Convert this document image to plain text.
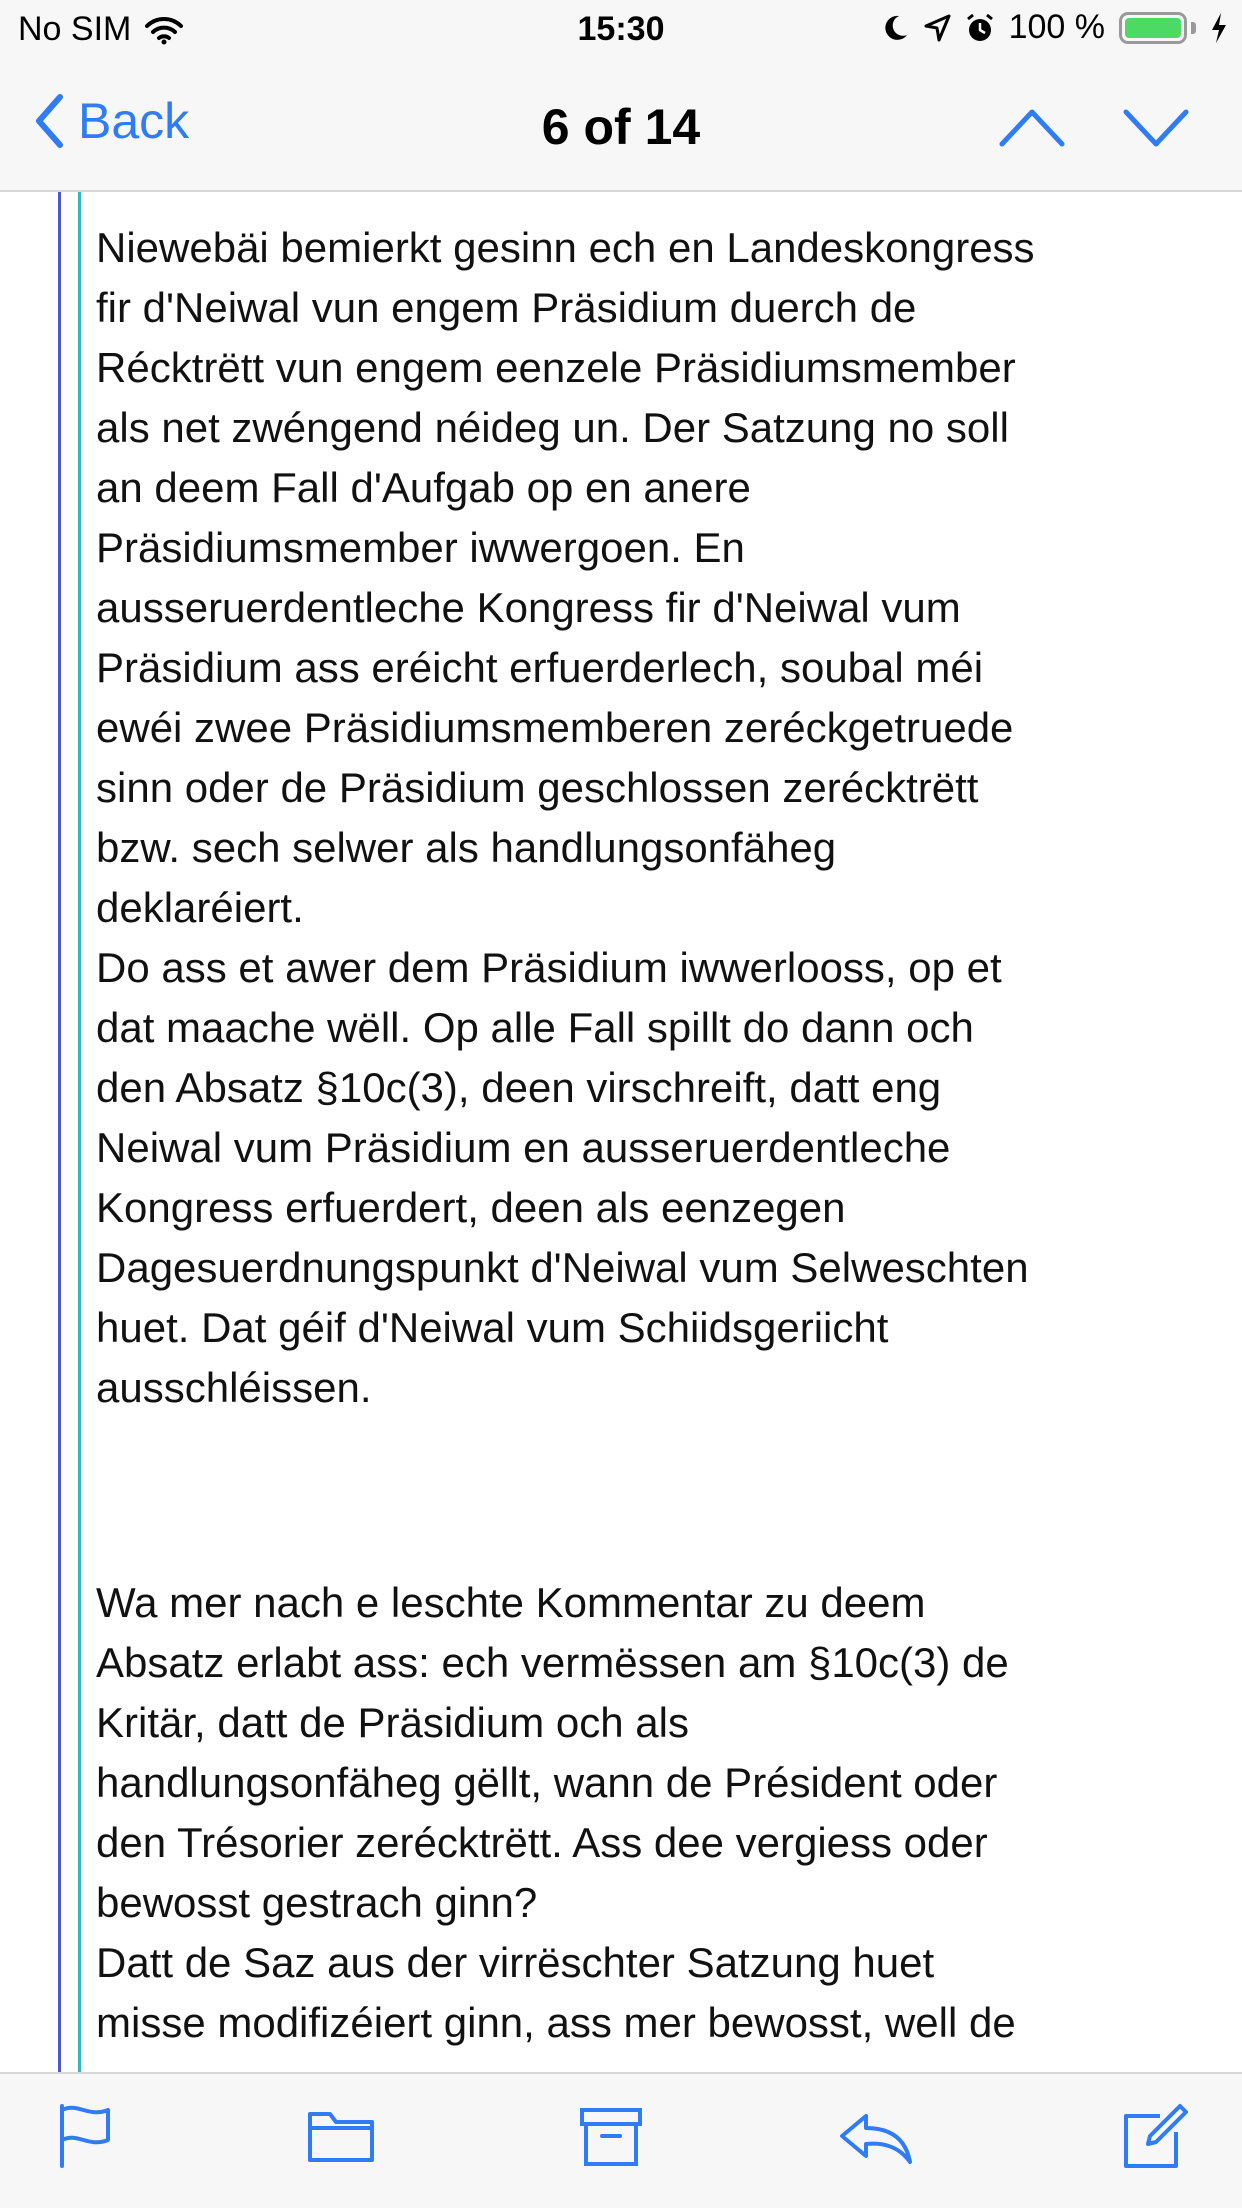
No SIM	15:30	100 %
Back	6 of 14

Niewebäi bemierkt gesinn ech en Landeskongress
fir d'Neiwal vun engem Präsidium duerch de
Récktrëtt vun engem eenzele Präsidiumsmember
als net zwéngend néideg un. Der Satzung no soll
an deem Fall d'Aufgab op en anere
Präsidiumsmember iwwergoen. En
ausseruerdentleche Kongress fir d'Neiwal vum
Präsidium ass eréicht erfuerderlech, soubal méi
ewéi zwee Präsidiumsmemberen zeréckgetruede
sinn oder de Präsidium geschlossen zerécktrëtt
bzw. sech selwer als handlungsonfäheg
deklaréiert.

Do ass et awer dem Präsidium iwwerlooss, op et
dat maache wëll. Op alle Fall spillt do dann och
den Absatz §10c(3), deen virschreift, datt eng
Neiwal vum Präsidium en ausseruerdentleche
Kongress erfuerdert, deen als eenzegen
Dagesuerdnungspunkt d'Neiwal vum Selweschten
huet. Dat géif d'Neiwal vum Schiidsgeriicht
ausschléissen.

Wa mer nach e leschte Kommentar zu deem
Absatz erlabt ass: ech vermëssen am §10c(3) de
Kritär, datt de Präsidium och als
handlungsonfäheg gëllt, wann de Président oder
den Trésorier zerécktrëtt. Ass dee vergiess oder
bewosst gestrach ginn?

Datt de Saz aus der virrëschter Satzung huet
misse modifizéiert ginn, ass mer bewosst, well de
